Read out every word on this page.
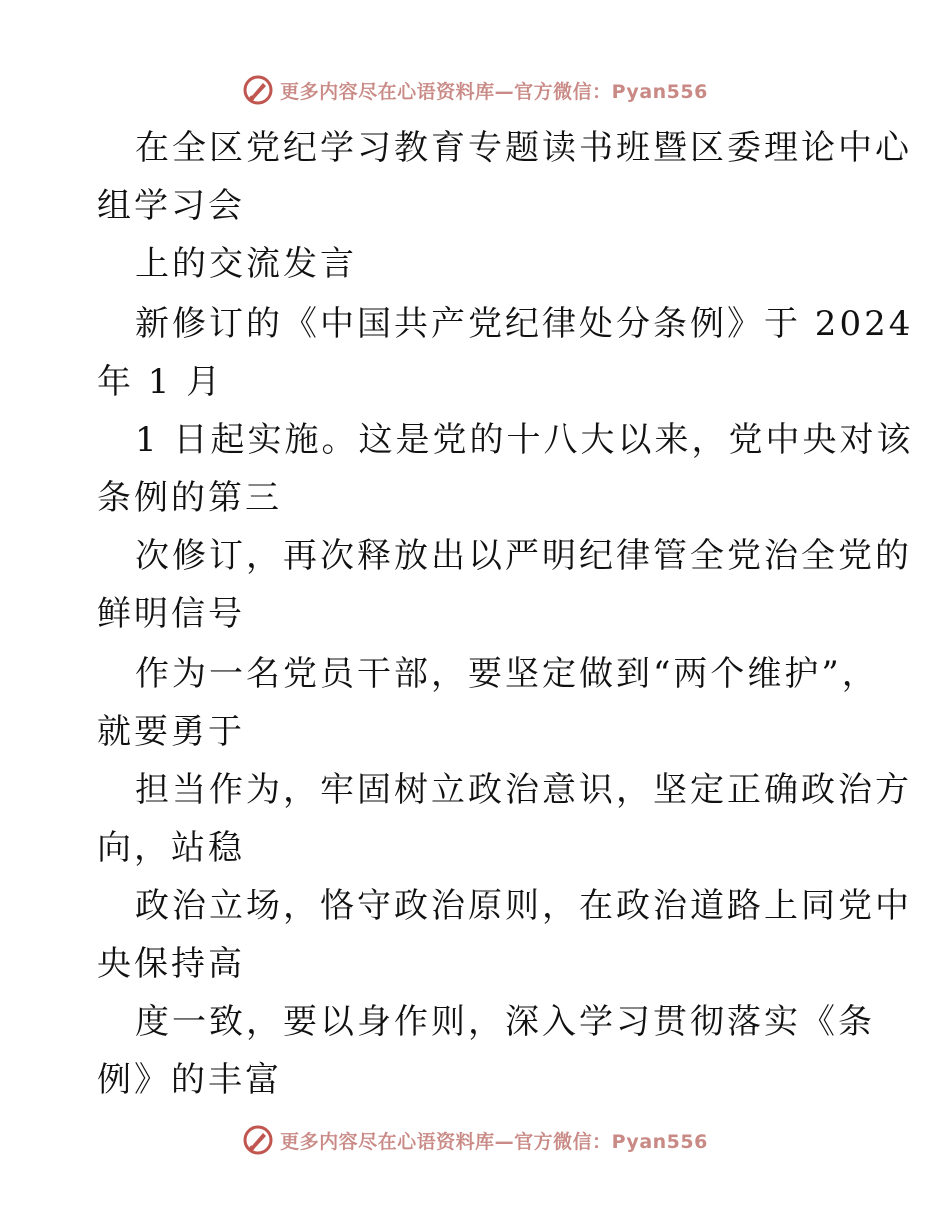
更多内容尽在心语资料库—官方微信：Pyan556
在全区党纪学习教育专题读书班暨区委理论中心
组学习会
上的交流发言
新修订的《中国共产党纪律处分条例》于 2024
年 1 月
1 日起实施。这是党的十八大以来，党中央对该
条例的第三
次修订，再次释放出以严明纪律管全党治全党的
鲜明信号
作为一名党员干部，要坚定做到“两个维护”，
就要勇于
担当作为，牢固树立政治意识，坚定正确政治方
向，站稳
政治立场，恪守政治原则，在政治道路上同党中
央保持高
度一致，要以身作则，深入学习贯彻落实《条
例》的丰富
更多内容尽在心语资料库—官方微信：Pyan556
